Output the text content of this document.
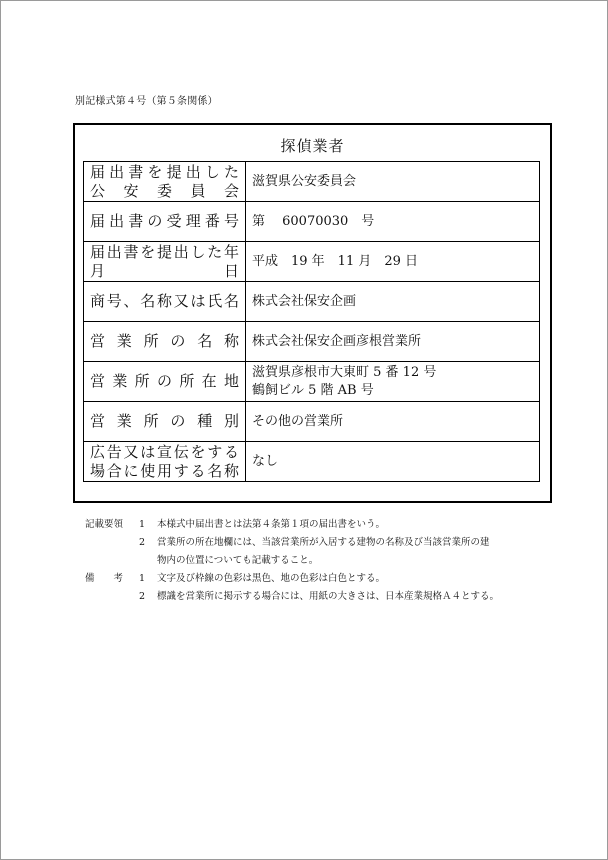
別記様式第４号（第５条関係）
探偵業者
届出書を提出した
公　安　委　員　会	滋賀県公安委員会

届出書の受理番号	第　 60070030　号

届出書を提出した年月日	平成　19 年　11 月　29 日

商号、名称又は氏名	株式会社保安企画

営業所の名称	株式会社保安企画彦根営業所

営業所の所在地	滋賀県彦根市大東町 5 番 12 号
鶴飼ビル 5 階 AB 号

営業所の種別	その他の営業所

広告又は宣伝をする
場合に使用する名称	なし
記載要領	1	本様式中届出書とは法第４条第１項の届出書をいう。
2	営業所の所在地欄には、当該営業所が入居する建物の名称及び当該営業所の建
物内の位置についても記載すること。
備　　考	1	文字及び枠線の色彩は黒色、地の色彩は白色とする。
2	標識を営業所に掲示する場合には、用紙の大きさは、日本産業規格Ａ４とする。
